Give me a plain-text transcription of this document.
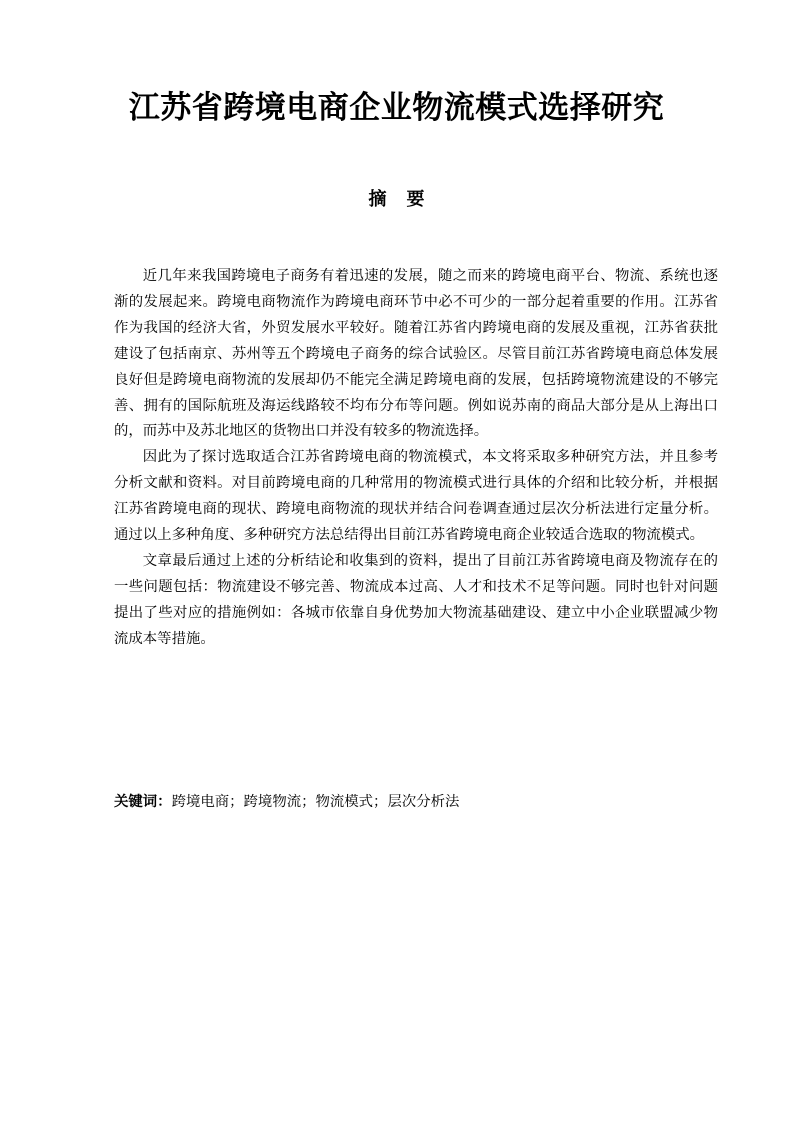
江苏省跨境电商企业物流模式选择研究
摘要

近几年来我国跨境电子商务有着迅速的发展，随之而来的跨境电商平台、物流、系统也逐渐的发展起来。跨境电商物流作为跨境电商环节中必不可少的一部分起着重要的作用。江苏省作为我国的经济大省，外贸发展水平较好。随着江苏省内跨境电商的发展及重视，江苏省获批建设了包括南京、苏州等五个跨境电子商务的综合试验区。尽管目前江苏省跨境电商总体发展良好但是跨境电商物流的发展却仍不能完全满足跨境电商的发展，包括跨境物流建设的不够完善、拥有的国际航班及海运线路较不均布分布等问题。例如说苏南的商品大部分是从上海出口的，而苏中及苏北地区的货物出口并没有较多的物流选择。

因此为了探讨选取适合江苏省跨境电商的物流模式，本文将采取多种研究方法，并且参考分析文献和资料。对目前跨境电商的几种常用的物流模式进行具体的介绍和比较分析，并根据江苏省跨境电商的现状、跨境电商物流的现状并结合问卷调查通过层次分析法进行定量分析。通过以上多种角度、多种研究方法总结得出目前江苏省跨境电商企业较适合选取的物流模式。

文章最后通过上述的分析结论和收集到的资料，提出了目前江苏省跨境电商及物流存在的一些问题包括：物流建设不够完善、物流成本过高、人才和技术不足等问题。同时也针对问题提出了些对应的措施例如：各城市依靠自身优势加大物流基础建设、建立中小企业联盟减少物流成本等措施。

关键词：跨境电商；跨境物流；物流模式；层次分析法
